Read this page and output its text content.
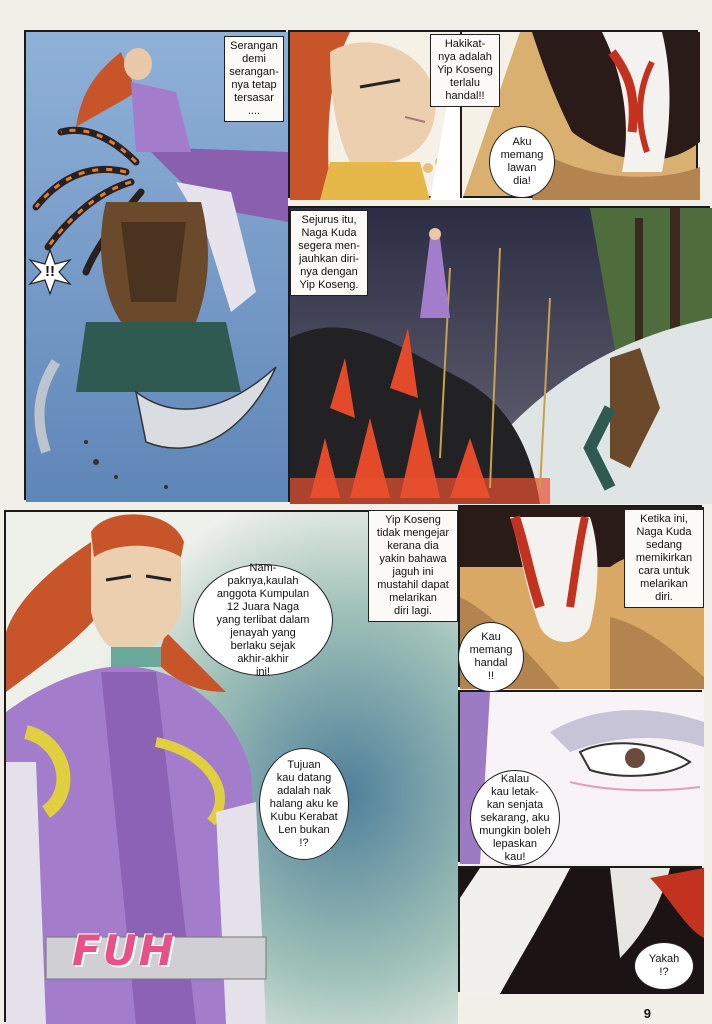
Serangan
demi
serangan-
nya tetap
tersasar
....
!!
Hakikat-
nya adalah
Yip Koseng
terlalu
handal!!
Aku
memang
lawan
dia!
Sejurus itu,
Naga Kuda
segera men-
jauhkan diri-
nya dengan
Yip Koseng.
Nam-
paknya,kaulah
anggota Kumpulan
12 Juara Naga
yang terlibat dalam
jenayah yang
berlaku sejak
akhir-akhir
ini!
Tujuan
kau datang
adalah nak
halang aku ke
Kubu Kerabat
Len bukan
!?
Yip Koseng
tidak mengejar
kerana dia
yakin bahawa
jaguh ini
mustahil dapat
melarikan
diri lagi.
FUH
Ketika ini,
Naga Kuda
sedang
memikirkan
cara untuk
melarikan
diri.
Kau
memang
handal
!!
Kalau
kau letak-
kan senjata
sekarang, aku
mungkin boleh
lepaskan
kau!
Yakah
!?
9
